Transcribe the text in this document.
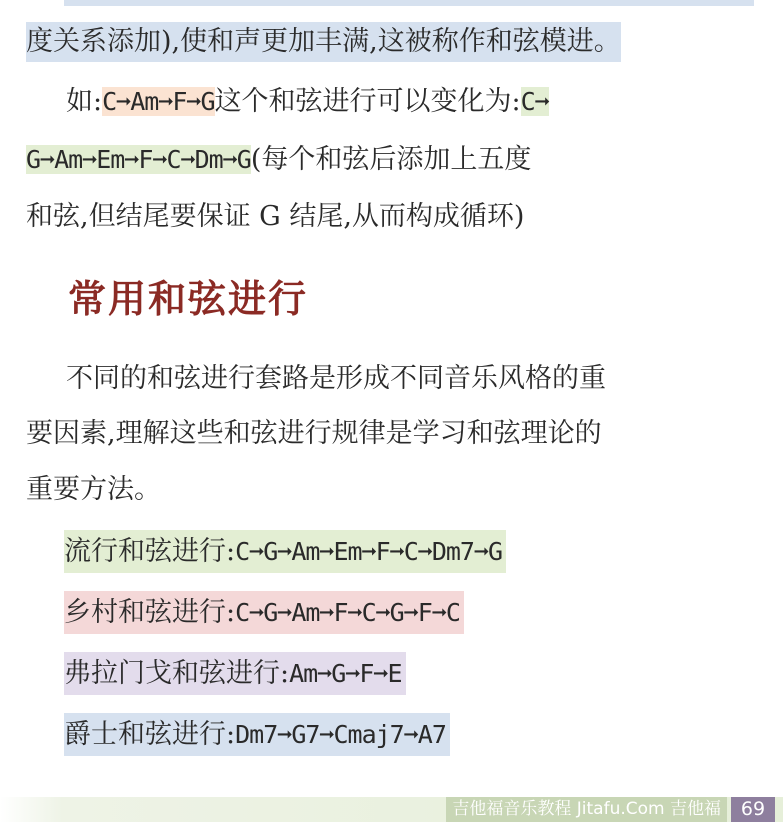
度关系添加),使和声更加丰满,这被称作和弦模进。
如:C➞Am➞F➞G这个和弦进行可以变化为:C➞
G➞Am➞Em➞F➞C➞Dm➞G(每个和弦后添加上五度
和弦,但结尾要保证 G 结尾,从而构成循环)
常用和弦进行
不同的和弦进行套路是形成不同音乐风格的重
要因素,理解这些和弦进行规律是学习和弦理论的
重要方法。
流行和弦进行:C➞G➞Am➞Em➞F➞C➞Dm7➞G
乡村和弦进行:C➞G➞Am➞F➞C➞G➞F➞C
弗拉门戈和弦进行:Am➞G➞F➞E
爵士和弦进行:Dm7➞G7➞Cmaj7➞A7
吉他福音乐教程 Jitafu.Com 吉他福	69
